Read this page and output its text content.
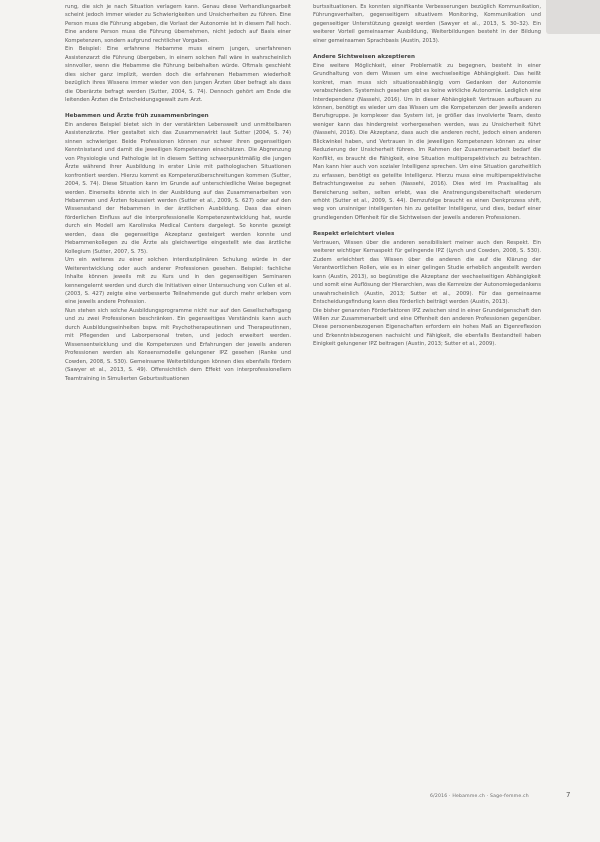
rung, die sich je nach Situation verlagern kann. Genau diese Verhandlungsarbeit scheint jedoch immer wieder zu Schwierigkeiten und Unsicherheiten zu führen. Eine Person muss die Führung abgeben, die Vorlast der Autonomie ist in diesem Fall hoch. Eine andere Person muss die Führung übernehmen, nicht jedoch auf Basis einer Kompetenzen, sondern aufgrund rechtlicher Vorgaben.

Ein Beispiel: Eine erfahrene Hebamme muss einem jungen, unerfahrenen Assistenzarzt die Führung übergeben, in einem solchen Fall wäre in wahrscheinlich sinnvoller, wenn die Hebamme die Führung beibehalten würde. Oftmals geschieht dies sicher ganz implizit, werden doch die erfahrenen Hebammen wiederholt bezüglich ihres Wissens immer wieder von den jungen Ärzten über befragt als dass die Oberärzte befragt werden (Sutter, 2004, S. 74). Dennoch gehört am Ende die leitenden Ärzten die Entscheidungsgewalt zum Arzt.

Hebammen und Ärzte früh zusammenbringen

Ein anderes Beispiel bietet sich in der verstärkten Lebenswelt und unmittelbaren Assistenzärzte. Hier gestaltet sich das Zusammenwirkt laut Sutter (2004, S. 74) sinnen schwieriger. Beide Professionen können nur schwer ihren gegenseitigen Kenntnisstand und damit die jeweiligen Kompetenzen einschätzen. Die Abgrenzung von Physiologie und Pathologie ist in diesem Setting schwerpunktmäßig die jungen Ärzte während ihrer Ausbildung in erster Linie mit pathologischen Situationen konfrontiert werden. Hierzu kommt es Kompetenzüberschreitungen kommen (Sutter, 2004, S. 74). Diese Situation kann im Grunde auf unterschiedliche Weise begegnet werden. Einerseits könnte sich in der Ausbildung auf das Zusammenarbeiten von Hebammen und Ärzten fokussiert werden (Sutter et al., 2009, S. 627) oder auf den Wissensstand der Hebammen in der ärztlichen Ausbildung. Dass das einen förderlichen Einfluss auf die interprofessionelle Kompetenzentwicklung hat, wurde durch ein Modell am Karolinska Medical Centers dargelegt. So konnte gezeigt werden, dass die gegenseitige Akzeptanz gesteigert werden konnte und Hebammenkollegen zu die Ärzte als gleichwertige eingestellt wie das ärztliche Kollegium (Sutter, 2007, S. 75).

Um ein weiteres zu einer solchen interdisziplinären Schulung würde in der Weiterentwicklung oder auch anderer Professionen gesehen. Beispiel: fachliche Inhalte können jeweils mit zu Kurs und in den gegenseitigen Seminaren kennengelernt werden und durch die Initiativen einer Untersuchung von Cullen et al. (2003, S. 427) zeigte eine verbesserte Teilnehmende gut durch mehr erleben vom eine jeweils andere Profession.

Nun stehen sich solche Ausbildungsprogramme nicht nur auf den Gesellschaftsgang und zu zwei Professionen beschränken. Ein gegenseitiges Verständnis kann auch durch Ausbildungseinheiten bspw. mit Psychotherapeutinnen und Therapeutinnen, mit Pflegenden und Laborpersonal treten, und jedoch erweitert werden. Wissensentwicklung und die Kompetenzen und Erfahrungen der jeweils anderen Professionen werden als Konsensmodelle gelungener IPZ gesehen (Ranke und Cowden, 2008, S. 530). Gemeinsame Weiterbildungen können dies ebenfalls fördern (Sawyer et al., 2013, S. 49). Offensichtlich dem Effekt von interprofessionellem Teamtraining in Simulierten Geburtssituationen

burtssituationen. Es konnten signifikante Verbesserungen bezüglich Kommunikation, Führungsverhalten, gegenseitigem situativem Monitoring, Kommunikation und gegenseitiger Unterstützung gezeigt werden (Sawyer et al., 2013, S. 30–32). Ein weiterer Vorteil gemeinsamer Ausbildung, Weiterbildungen besteht in der Bildung einer gemeinsamen Sprachbasis (Austin, 2013).

Andere Sichtweisen akzeptieren

Eine weitere Möglichkeit, einer Problematik zu begegnen, besteht in einer Grundhaltung von dem Wissen um eine wechselseitige Abhängigkeit. Das heißt konkret, man muss sich situationsabhängig vom Gedanken der Autonomie verabschieden. Systemisch gesehen gibt es keine wirkliche Autonomie. Lediglich eine Interdependenz (Nassehi, 2016). Um in dieser Abhängigkeit Vertrauen aufbauen zu können, benötigt es wieder um das Wissen um die Kompetenzen der jeweils anderen Berufsgruppe. Je komplexer das System ist, je größer das involvierte Team, desto weniger kann das hindergreist vorhergesehen werden, was zu Unsicherheit führt (Nassehi, 2016). Die Akzeptanz, dass auch die anderen recht, jedoch einen anderen Blickwinkel haben, und Vertrauen in die jeweiligen Kompetenzen können zu einer Reduzierung der Unsicherheit führen. Im Rahmen der Zusammenarbeit bedarf die Konflikt, es braucht die Fähigkeit, eine Situation multiperspektivisch zu betrachten. Man kann hier auch von sozialer Intelligenz sprechen. Um eine Situation ganzheitlich zu erfassen, benötigt es geteilte Intelligenz. Hierzu muss eine multiperspektivische Betrachtungsweise zu sehen (Nassehi, 2016). Dies wird im Praxisalltag als Bereicherung selten, selten erlebt, was die Anstrengungsbereitschaft wiederum erhöht (Sutter et al., 2009, S. 44). Demzufolge braucht es einen Denkprozess shift, weg von unsinniger intelligenten hin zu geteilter Intelligenz, und dies, bedarf einer grundlegenden Offenheit für die Sichtweisen der jeweils anderen Professionen.

Respekt erleichtert vieles

Vertrauen, Wissen über die anderen sensibilisiert meiner auch den Respekt. Ein weiterer wichtiger Kernaspekt für gelingende IPZ (Lynch und Cowden, 2008, S. 530). Zudem erleichtert das Wissen über die anderen die auf die Klärung der Verantwortlichen Rollen, wie es in einer gelingen Studie erheblich angestellt werden kann (Austin, 2013), so begünstige die Akzeptanz der wechselseitigen Abhängigkeit und somit eine Auflösung der Hierarchien, was die Kernreize der Autonomiegedankens unwahrscheinlich (Austin, 2013; Sutter et al., 2009). Für das gemeinsame Entscheidungsfindung kann dies förderlich beiträgt werden (Austin, 2013).

Die bisher genannten Förderfaktoren IPZ zwischen sind in einer Grundeigenschaft den Willen zur Zusammenarbeit und eine Offenheit den anderen Professionen gegenüber. Diese personenbezogenen Eigenschaften erfordern ein hohes Maß an Eigenreflexion und Erkenntnisbezogenen nachsicht und Fähigkeit, die ebenfalls Bestandteil haben Einigkeit gelungener IPZ beitragen (Austin, 2013; Sutter et al., 2009).

6/2016 · Hebamme.ch · Sage-femme.ch	7
